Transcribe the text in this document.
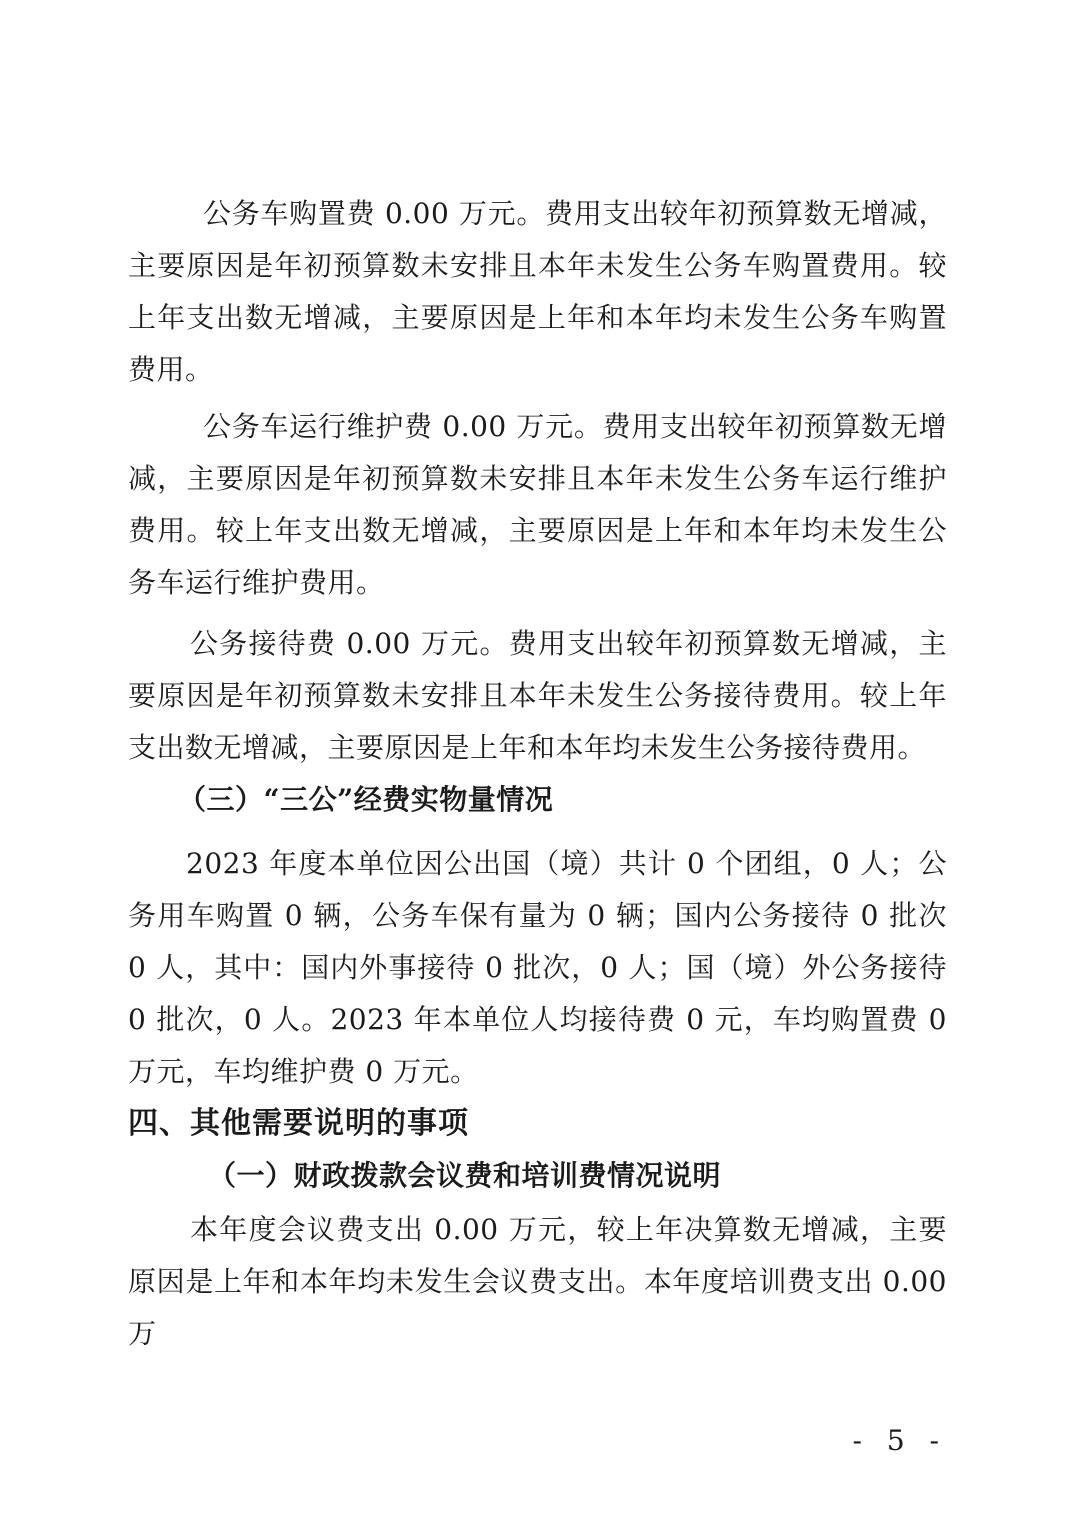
公务车购置费 0.00 万元。费用支出较年初预算数无增减，主要原因是年初预算数未安排且本年未发生公务车购置费用。较上年支出数无增减，主要原因是上年和本年均未发生公务车购置费用。

公务车运行维护费 0.00 万元。费用支出较年初预算数无增减，主要原因是年初预算数未安排且本年未发生公务车运行维护费用。较上年支出数无增减，主要原因是上年和本年均未发生公务车运行维护费用。

公务接待费 0.00 万元。费用支出较年初预算数无增减，主要原因是年初预算数未安排且本年未发生公务接待费用。较上年支出数无增减，主要原因是上年和本年均未发生公务接待费用。

（三）“三公”经费实物量情况

2023 年度本单位因公出国（境）共计 0 个团组，0 人；公务用车购置 0 辆，公务车保有量为 0 辆；国内公务接待 0 批次 0 人，其中：国内外事接待 0 批次，0 人；国（境）外公务接待 0 批次，0 人。2023 年本单位人均接待费 0 元，车均购置费 0 万元，车均维护费 0 万元。

四、其他需要说明的事项

（一）财政拨款会议费和培训费情况说明

本年度会议费支出 0.00 万元，较上年决算数无增减，主要原因是上年和本年均未发生会议费支出。本年度培训费支出 0.00 万

- 5 -
